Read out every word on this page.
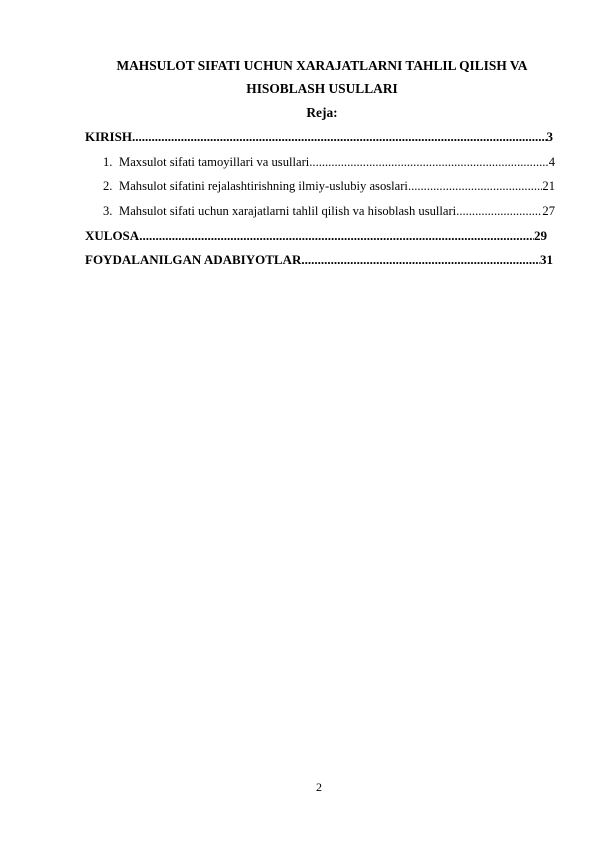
MAHSULOT SIFATI UCHUN XARAJATLARNI TAHLIL QILISH VA
HISOBLASH USULLARI
Reja:
KIRISH .....	3
1. Maxsulot sifati tamoyillari va usullari .....	4
2. Mahsulot sifatini rejalashtirishning ilmiy-uslubiy asoslari .....	21
3. Mahsulot sifati uchun xarajatlarni tahlil qilish va hisoblash usullari .....	27
XULOSA .....	29
FOYDALANILGAN ADABIYOTLAR .....	31
2
